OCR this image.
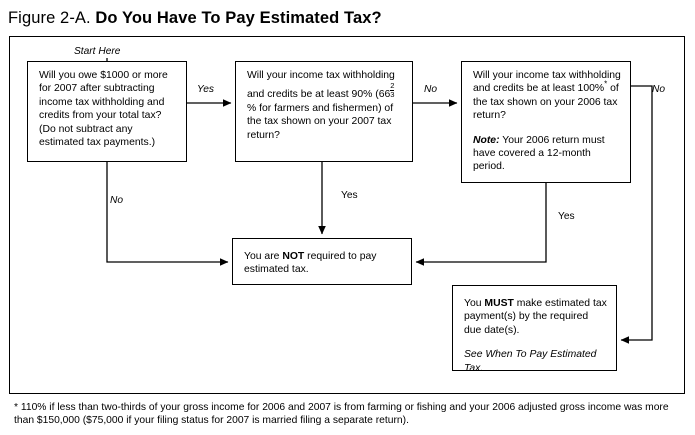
Figure 2-A. Do You Have To Pay Estimated Tax?
Start Here
Yes
No
No
Yes
No
Yes

Will you owe $1000 or more for 2007 after subtracting income tax withholding and credits from your total tax? (Do not subtract any estimated tax payments.)

Will your income tax withholding and credits be at least 90% ($66 \frac{2}{3}$
% for farmers and fishermen) of the tax shown on your 2007 tax return?

Will your income tax withholding and credits be at least 100%* of the tax shown on your 2006 tax return?

Note: Your 2006 return must have covered a 12-month period.

You are NOT required to pay estimated tax.

You MUST make estimated tax payment(s) by the required due date(s).

See When To Pay Estimated Tax.

* 110% if less than two-thirds of your gross income for 2006 and 2007 is from farming or fishing and your 2006 adjusted gross income was more than $150,000 ($75,000 if your filing status for 2007 is married filing a separate return).
